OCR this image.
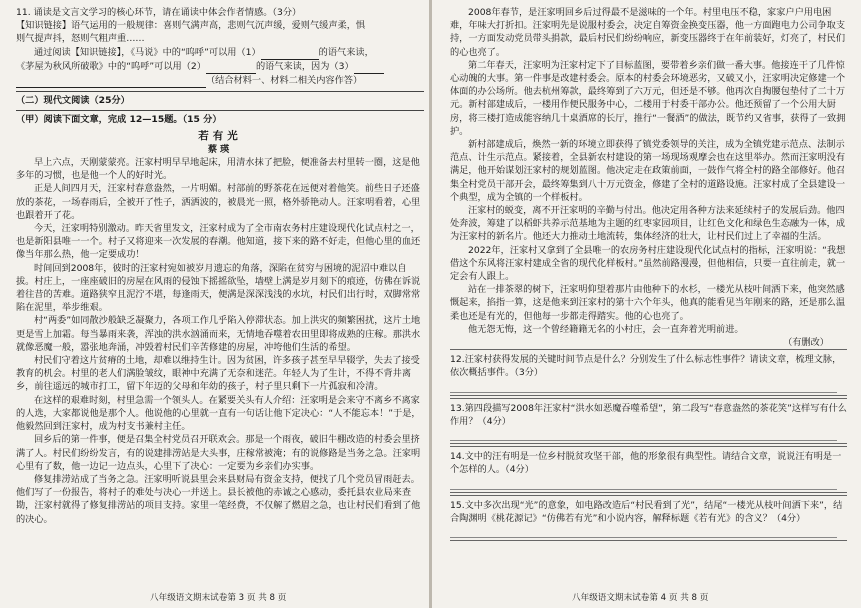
11. 诵读是文言文学习的核心环节，请在诵读中体会作者情感。（3分）

【知识链接】语气运用的一般规律：喜则气满声高，悲则气沉声缓，爱则气缓声柔，惧

则气提声抖，怒则气粗声重……

通过阅读【知识链接】，《马说》中的“呜呼”可以用（1）	的语气来读，

《茅屋为秋风所破歌》中的“呜呼”可以用（2）	的语气来读，因为（3）

（结合材料一、材料二相关内容作答）

（二）现代文阅读（25分）

（甲）阅读下面文章，完成 12—15题。（15 分）

若有光

蔡瑛

早上六点，天刚蒙蒙亮。汪家村明早早地起床，用清水抹了把脸，便准备去村里转一圈，这是他多年的习惯，也是他一个人的好时光。

正是人间四月天，汪家村春意盎然，一片明媚。村部前的野茶花在远便对着他笑。前些日子还盛放的茶花，一场春雨后，全被开了性子，洒洒波的，被晨光一照，格外骄艳动人。汪家明看着，心里也跟着开了花。

今天，汪家明特别激动。昨天省里发文，汪家村成为了全市南农务村庄建设现代化试点村之一，也是新阳县唯一一个。村子又将迎来一次发展的春潮。他知道，接下来的路不好走，但他心里的血还像当年那么热，他一定要成功！

时间回到2008年，彼时的汪家村宛如被岁月遗忘的角落，深陷在贫穷与困境的泥沼中难以自拔。村庄上，一座座破旧的房屋在风雨的侵蚀下摇摇欲坠，墙壁上满是岁月刻下的痕迹，仿佛在诉说着往昔的苦难。道路狭窄且泥泞不堪，每逢雨天，便满是深深浅浅的水坑，村民们出行时，双脚常常陷在泥里，举步维艰。

村“两委”如同散沙般缺乏凝聚力，各项工作几乎陷入停滞状态。加上洪灾的频繁困扰，这片土地更是雪上加霜。每当暴雨来袭，浑浊的洪水汹涌而来，无情地吞噬着农田里即将成熟的庄稼。那洪水就像恶魔一般，嚣张地奔涌，冲毁着村民们辛苦修建的房屋，冲垮他们生活的希望。

村民们守着这片贫瘠的土地，却难以维持生计。因为贫困，许多孩子甚至早早辍学，失去了接受教育的机会。村里的老人们满脸皱纹，眼神中充满了无奈和迷茫。年轻人为了生计，不得不背井离乡，前往遥远的城市打工，留下年迈的父母和年幼的孩子，村子里只剩下一片孤寂和冷清。

在这样的艰难时刻，村里急需一个领头人。在紧要关头有人介绍：汪家明是会来守不离乡不离家的人选，大家都说他是那个人。他说他的心里就一直有一句话让他下定决心：“人不能忘本！”于是，他毅然回到汪家村，成为村支书兼村主任。

回乡后的第一件事，便是召集全村党员召开联欢会。那是一个雨夜，破旧牛棚改造的村委会里挤满了人。村民们纷纷发言，有的说建排涝站是大头事，庄稼常被淹；有的说修路是当务之急。汪家明心里有了数，他一边记一边点头，心里下了决心：一定要为乡亲们办实事。

修复排涝站成了当务之急。汪家明听说县里会来县财局有资金支持，便找了几个党员冒雨赶去。他们写了一份报告，将村子的难处与决心一并送上。县长被他的赤诚之心感动，委托县农业局来查勘，汪家村就得了修复排涝站的项目支持。家里一笔经费，不仅解了燃眉之急，也让村民们看到了他的决心。

八年级语文期末试卷第 3 页 共 8 页

2008年春节，是汪家明回乡后过得最不是滋味的一个年。村里电压不稳，家家户户用电困难，年味大打折扣。汪家明先是说服村委会，决定自筹资金换变压器，他一方面跑电力公司争取支持，一方面发动党员带头捐款，最后村民们纷纷响应，新变压器终于在年前装好，灯亮了，村民们的心也亮了。

第二年春天，汪家明为汪家村定下了目标蓝图，要带着乡亲们做一番大事。他接连干了几件惊心动魄的大事。第一件事是改建村委会。原本的村委会环境恶劣，又破又小，汪家明决定修建一个体面的办公场所。他去杭州筹款，最终筹到了六万元，但还是不够。他再次自掏腰包垫付了二十万元。新村部建成后，一楼用作便民服务中心，二楼用于村委干部办公。他还预留了一个公用大厨房，将三楼打造成能容纳几十桌酒席的长厅，推行“一餐酒”的做法，既节约又省事，获得了一致拥护。

新村部建成后，焕然一新的环境立即获得了镇党委领导的关注，成为全镇党建示范点、法制示范点、计生示范点。紧接着，全县新农村建设的第一场现场观摩会也在这里举办。然而汪家明没有满足，他开始谋划汪家村的规划蓝图。他决定走在政策前面，一鼓作气将全村的路全部修好。他召集全村党员干部开会，最终筹集到八十万元资金，修建了全村的道路设施。汪家村成了全县建设一个典型，成为全镇的一个样板村。

汪家村的蜕变，离不开汪家明的辛勤与付出。他决定用各种方法来延续村子的发展后劲。他四处奔波，筹建了以稻虾共养示范基地为主题的红枣家园项目，让红色文化和绿色生态融为一体，成为汪家村的新名片。他还大力推动土地流转，集体经济的壮大，让村民们过上了幸福的生活。

2022年，汪家村又拿到了全县唯一的农房务村庄建设现代化试点村的指标，汪家明说：“我想借这个东风将汪家村建成全省的现代化样板村。”虽然前路漫漫，但他相信，只要一直往前走，就一定会有人跟上。

站在一排茶翠的树下，汪家明仰望着那片由他种下的水杉，一楼光从枝叶间洒下来，他突然感慨起来，掐指一算，这是他来到汪家村的第十六个年头，他真的能看见当年刚来的路，还是那么温柔也还是有光的，但他每一步都走得踏实。他的心也亮了。

他无怨无悔，这一个曾经籍籍无名的小村庄，会一直奔着光明前进。

（有删改）

12.汪家村获得发展的关键时间节点是什么？分别发生了什么标志性事件？请读文章，梳理文脉，依次概括事件。（3分）

13.第四段描写2008年汪家村“洪水如恶魔吞噬希望”，第二段写“春意盎然的茶花笑”这样写有什么作用？（4分）

14.文中的汪有明是一位乡村脱贫攻坚干部，他的形象很有典型性。请结合文章，说说汪有明是一个怎样的人。（4分）

15.文中多次出现“光”的意象，如电路改造后“村民看到了光”，结尾“一楼光从枝叶间洒下来”，结合陶渊明《桃花源记》“仿佛若有光”和小说内容，解释标题《若有光》的含义？（4分）

八年级语文期末试卷第 4 页 共 8 页
